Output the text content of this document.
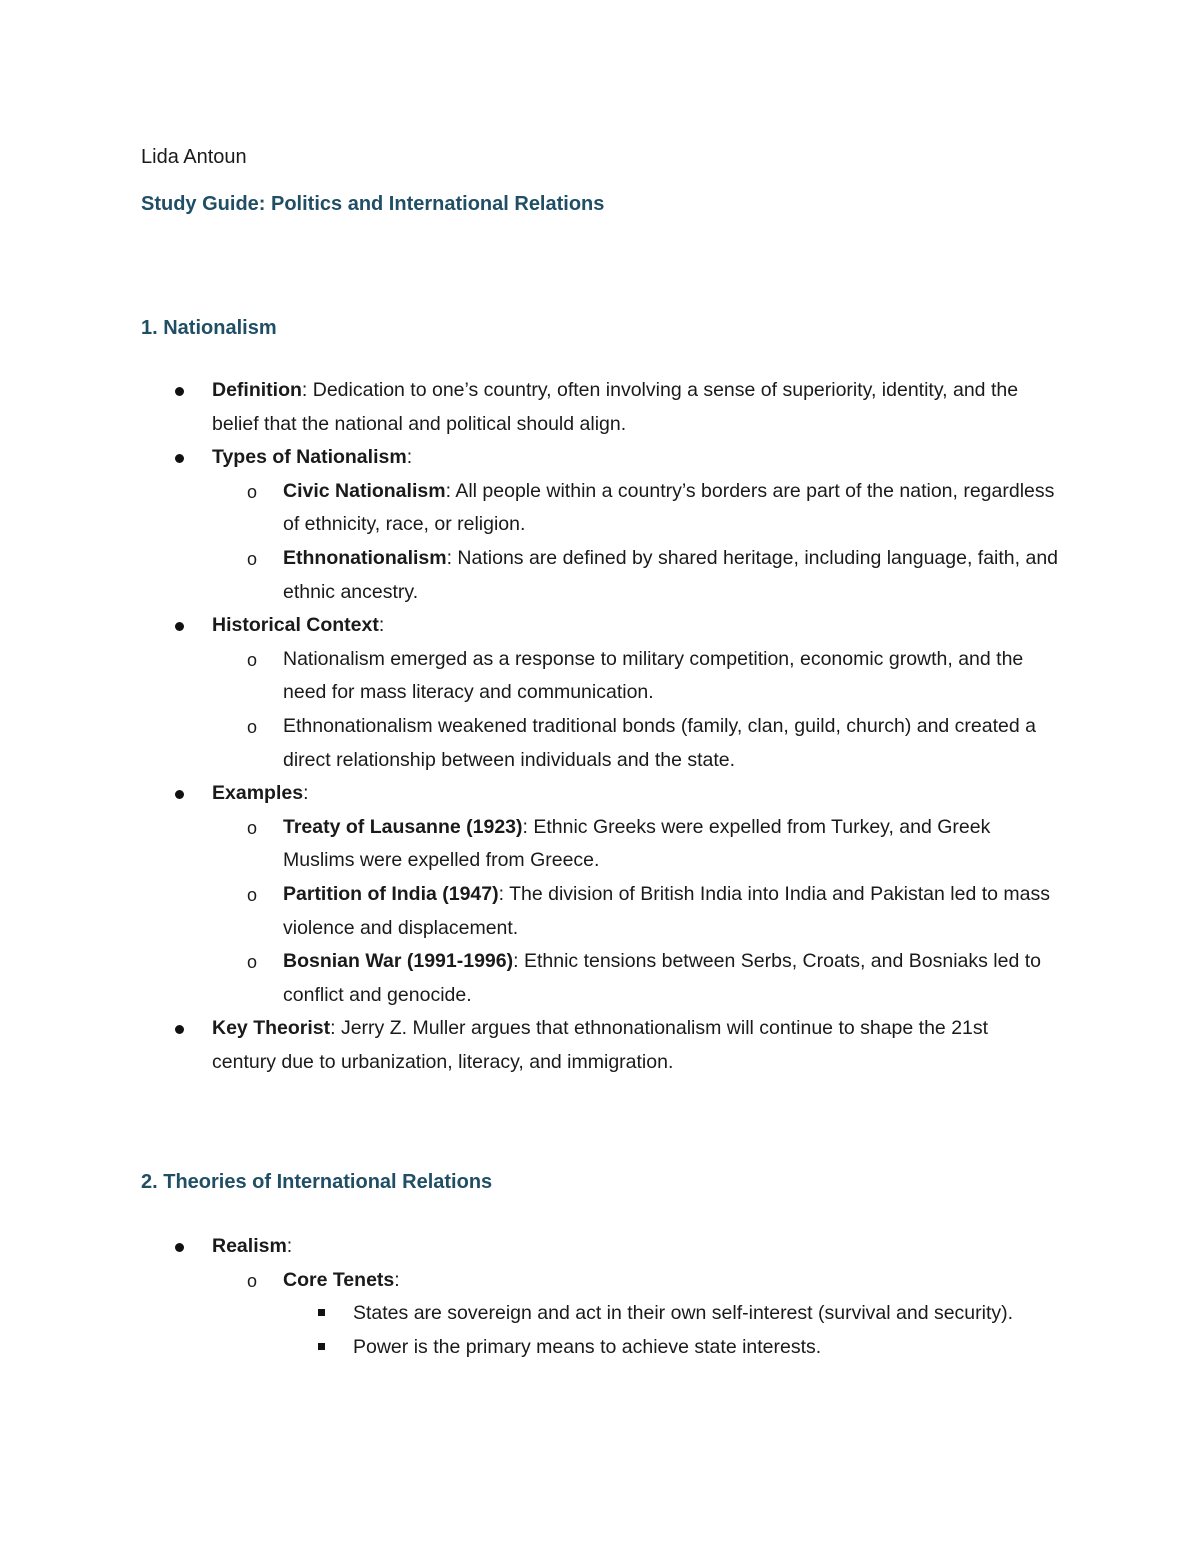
Lida Antoun

Study Guide: Politics and International Relations

1. Nationalism

Definition: Dedication to one’s country, often involving a sense of superiority, identity, and the belief that the national and political should align.
Types of Nationalism:
o Civic Nationalism: All people within a country’s borders are part of the nation, regardless of ethnicity, race, or religion.
o Ethnonationalism: Nations are defined by shared heritage, including language, faith, and ethnic ancestry.
Historical Context:
o Nationalism emerged as a response to military competition, economic growth, and the need for mass literacy and communication.
o Ethnonationalism weakened traditional bonds (family, clan, guild, church) and created a direct relationship between individuals and the state.
Examples:
o Treaty of Lausanne (1923): Ethnic Greeks were expelled from Turkey, and Greek Muslims were expelled from Greece.
o Partition of India (1947): The division of British India into India and Pakistan led to mass violence and displacement.
o Bosnian War (1991-1996): Ethnic tensions between Serbs, Croats, and Bosniaks led to conflict and genocide.
Key Theorist: Jerry Z. Muller argues that ethnonationalism will continue to shape the 21st century due to urbanization, literacy, and immigration.

2. Theories of International Relations

Realism:
o Core Tenets:
States are sovereign and act in their own self-interest (survival and security).
Power is the primary means to achieve state interests.
